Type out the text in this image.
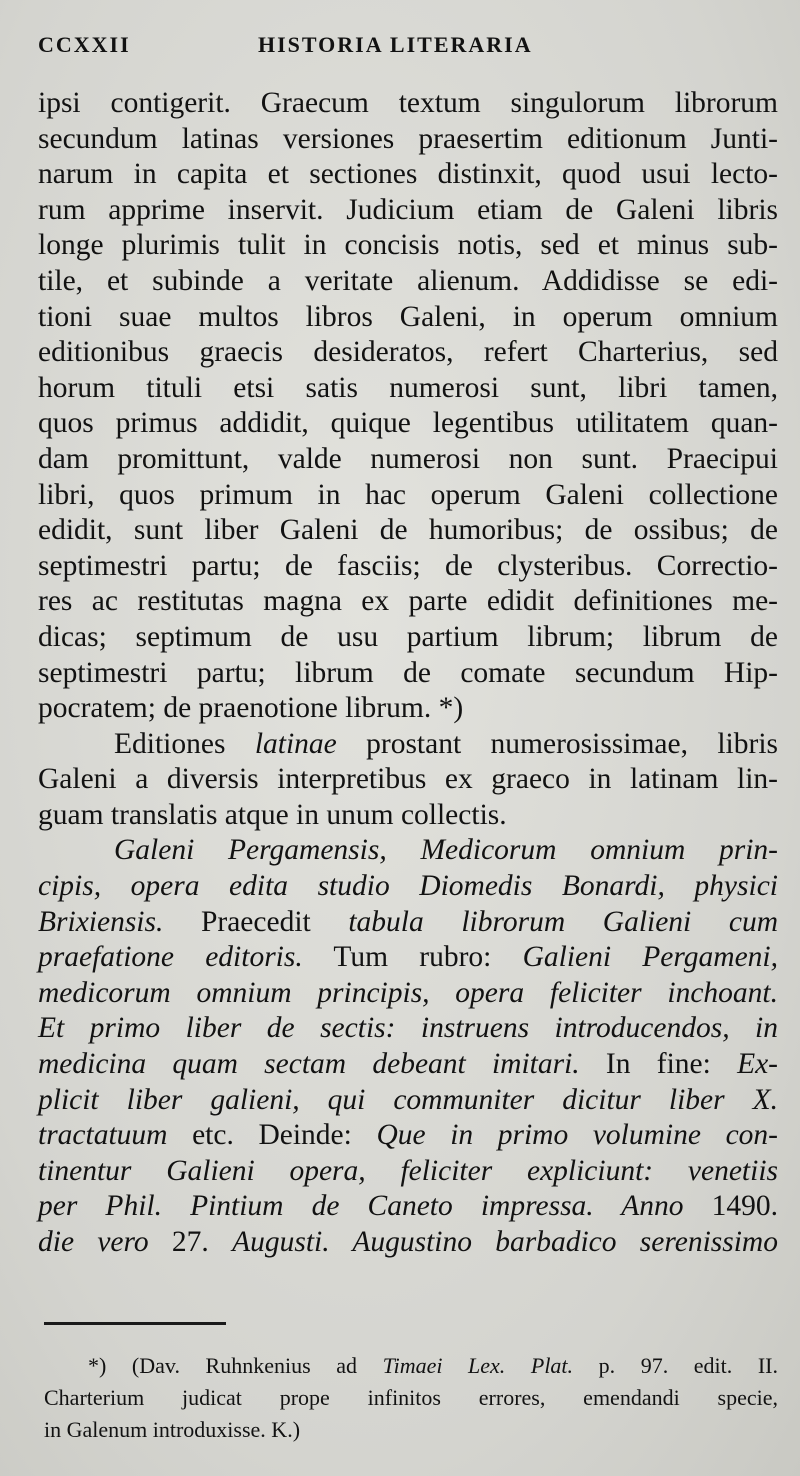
CCXXII	HISTORIA LITERARIA
ipsi contigerit. Graecum textum singulorum librorum
secundum latinas versiones praesertim editionum Junti-
narum in capita et sectiones distinxit, quod usui lecto-
rum apprime inservit. Judicium etiam de Galeni libris
longe plurimis tulit in concisis notis, sed et minus sub-
tile, et subinde a veritate alienum. Addidisse se edi-
tioni suae multos libros Galeni, in operum omnium
editionibus graecis desideratos, refert Charterius, sed
horum tituli etsi satis numerosi sunt, libri tamen,
quos primus addidit, quique legentibus utilitatem quan-
dam promittunt, valde numerosi non sunt. Praecipui
libri, quos primum in hac operum Galeni collectione
edidit, sunt liber Galeni de humoribus; de ossibus; de
septimestri partu; de fasciis; de clysteribus. Correctio-
res ac restitutas magna ex parte edidit definitiones me-
dicas; septimum de usu partium librum; librum de
septimestri partu; librum de comate secundum Hip-
pocratem; de praenotione librum. *)
Editiones latinae prostant numerosissimae, libris
Galeni a diversis interpretibus ex graeco in latinam lin-
guam translatis atque in unum collectis.
Galeni Pergamensis, Medicorum omnium prin-
cipis, opera edita studio Diomedis Bonardi, physici
Brixiensis. Praecedit tabula librorum Galieni cum
praefatione editoris. Tum rubro: Galieni Pergameni,
medicorum omnium principis, opera feliciter inchoant.
Et primo liber de sectis: instruens introducendos, in
medicina quam sectam debeant imitari. In fine: Ex-
plicit liber galieni, qui communiter dicitur liber X.
tractatuum etc. Deinde: Que in primo volumine con-
tinentur Galieni opera, feliciter expliciunt: venetiis
per Phil. Pintium de Caneto impressa. Anno 1490.
die vero 27. Augusti. Augustino barbadico serenissimo
*) (Dav. Ruhnkenius ad Timaei Lex. Plat. p. 97. edit. II.
Charterium judicat prope infinitos errores, emendandi specie,
in Galenum introduxisse. K.)
